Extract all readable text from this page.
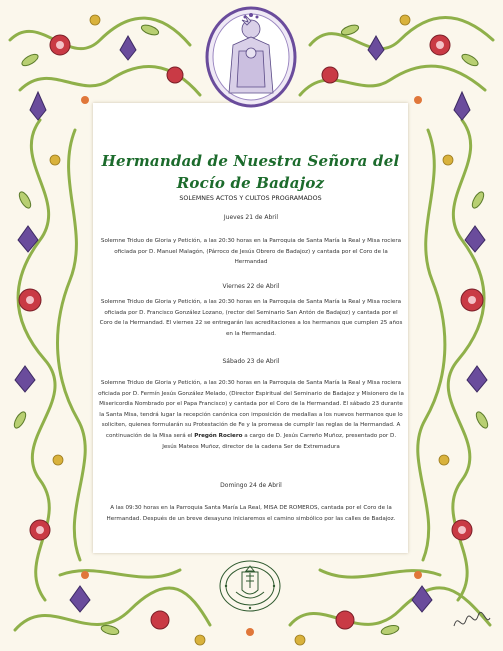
Hermandad de Nuestra Señora del
Rocío de Badajoz
SOLEMNES ACTOS Y CULTOS PROGRAMADOS
Jueves 21 de Abril
Solemne Triduo de Gloria y Petición, a las 20:30 horas en la Parroquia de Santa María la Real y Misa rociera oficiada por D. Manuel Malagón, (Párroco de Jesús Obrero de Badajoz) y cantada por el Coro de la Hermandad
Viernes 22 de Abril
Solemne Triduo de Gloria y Petición, a las 20:30 horas en la Parroquia de Santa María la Real y Misa rociera oficiada por D. Francisco González Lozano, (rector del Seminario San Antón de Badajoz) y cantada por el Coro de la Hermandad. El viernes 22 se entregarán las acreditaciones a los hermanos que cumplen 25 años en la Hermandad.
Sábado 23 de Abril
Solemne Triduo de Gloria y Petición, a las 20:30 horas en la Parroquia de Santa María la Real y Misa rociera oficiada por D. Fermín Jesús González Melado, (Director Espiritual del Seminario de Badajoz y Misionero de la Misericordia Nombrado por el Papa Francisco) y cantada por el Coro de la Hermandad. El sábado 23 durante la Santa Misa, tendrá lugar la recepción canónica con imposición de medallas a los nuevos hermanos que lo soliciten, quienes formularán su Protestación de Fe y la promesa de cumplir las reglas de la Hermandad. A continuación de la Misa será el Pregón Rociero a cargo de D. Jesús Carreño Muñoz, presentado por D. Jesús Mateos Muñoz, director de la cadena Ser de Extremadura
Domingo 24 de Abril
A las 09:30 horas en la Parroquia Santa María La Real, MISA DE ROMEROS, cantada por el Coro de la Hermandad. Después de un breve desayuno iniciaremos el camino simbólico por las calles de Badajoz.
